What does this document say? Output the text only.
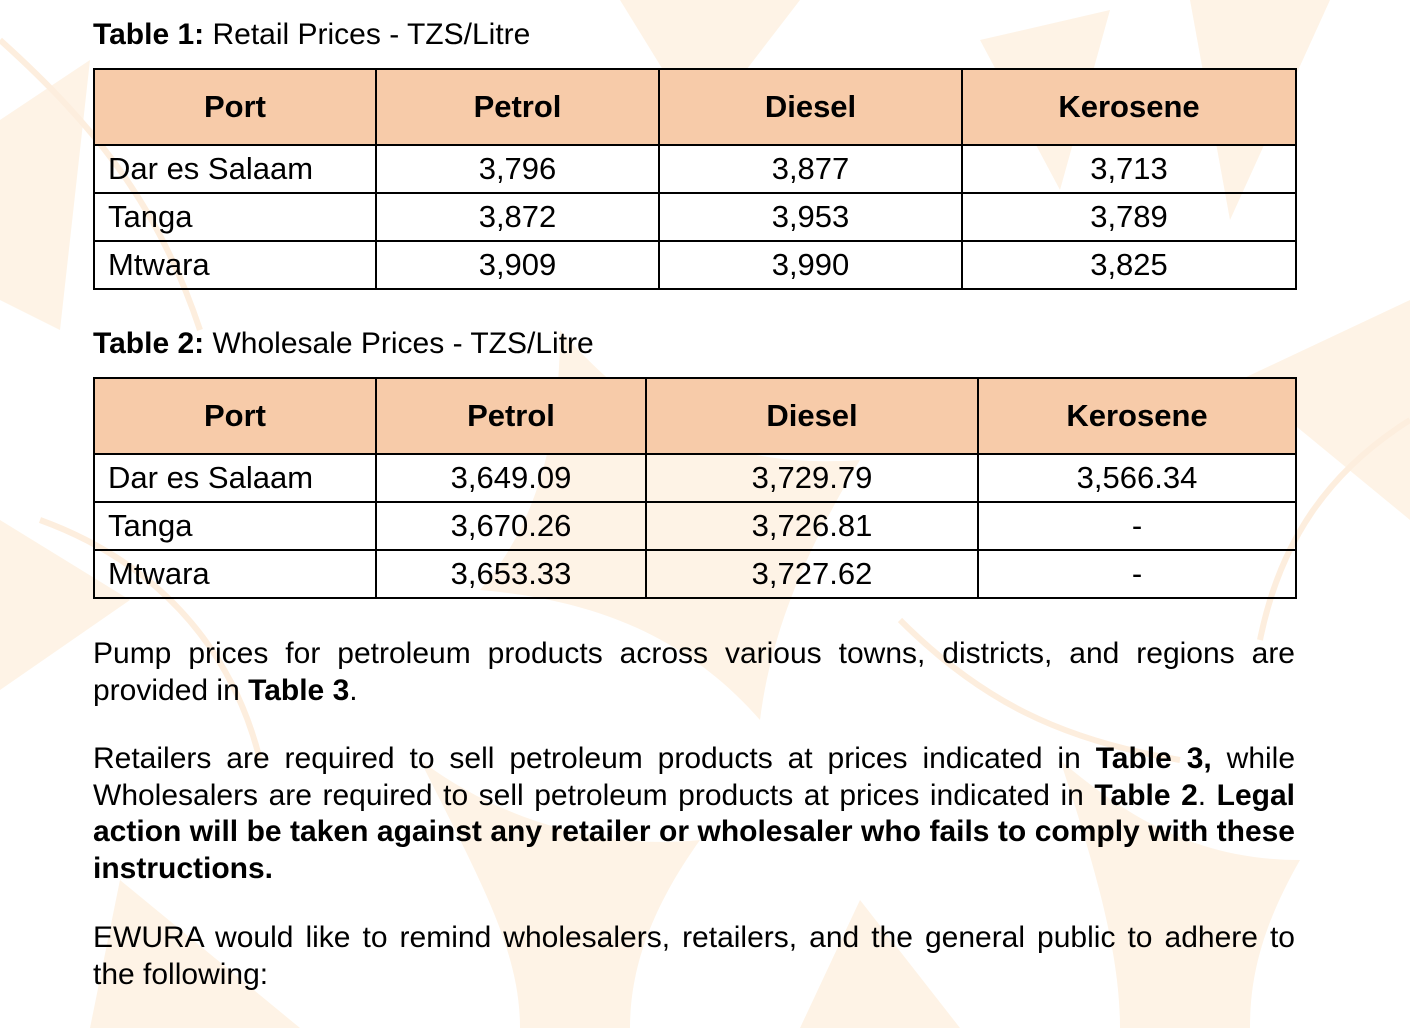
Table 1: Retail Prices - TZS/Litre
Port	Petrol	Diesel	Kerosene
Dar es Salaam	3,796	3,877	3,713
Tanga	3,872	3,953	3,789
Mtwara	3,909	3,990	3,825
Table 2: Wholesale Prices - TZS/Litre
Port	Petrol	Diesel	Kerosene
Dar es Salaam	3,649.09	3,729.79	3,566.34
Tanga	3,670.26	3,726.81	-
Mtwara	3,653.33	3,727.62	-

Pump prices for petroleum products across various towns, districts, and regions are provided in Table 3.

Retailers are required to sell petroleum products at prices indicated in Table 3, while Wholesalers are required to sell petroleum products at prices indicated in Table 2. Legal action will be taken against any retailer or wholesaler who fails to comply with these instructions.

EWURA would like to remind wholesalers, retailers, and the general public to adhere to the following:
